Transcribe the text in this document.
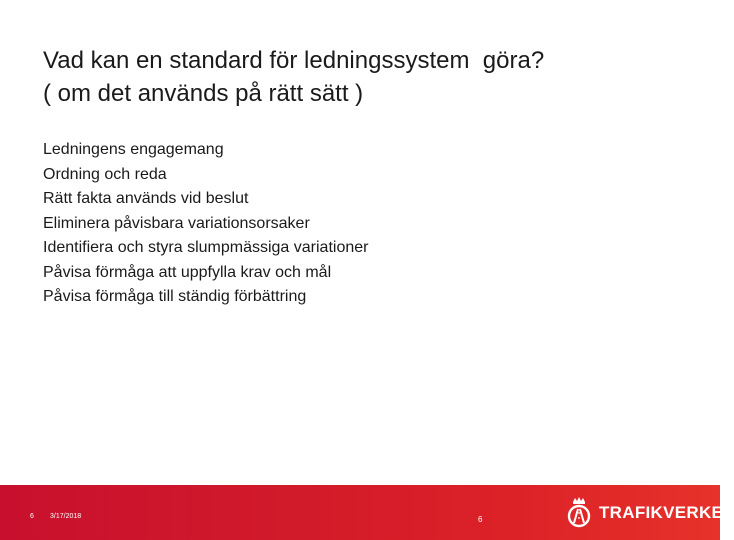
Vad kan en standard för ledningssystem  göra?
( om det används på rätt sätt )
Ledningens engagemang
Ordning och reda
Rätt fakta används vid beslut
Eliminera påvisbara variationsorsaker
Identifiera och styra slumpmässiga variationer
Påvisa förmåga att uppfylla krav och mål
Påvisa förmåga till ständig förbättring
6 3/17/2018	6	TRAFIKVERKET
